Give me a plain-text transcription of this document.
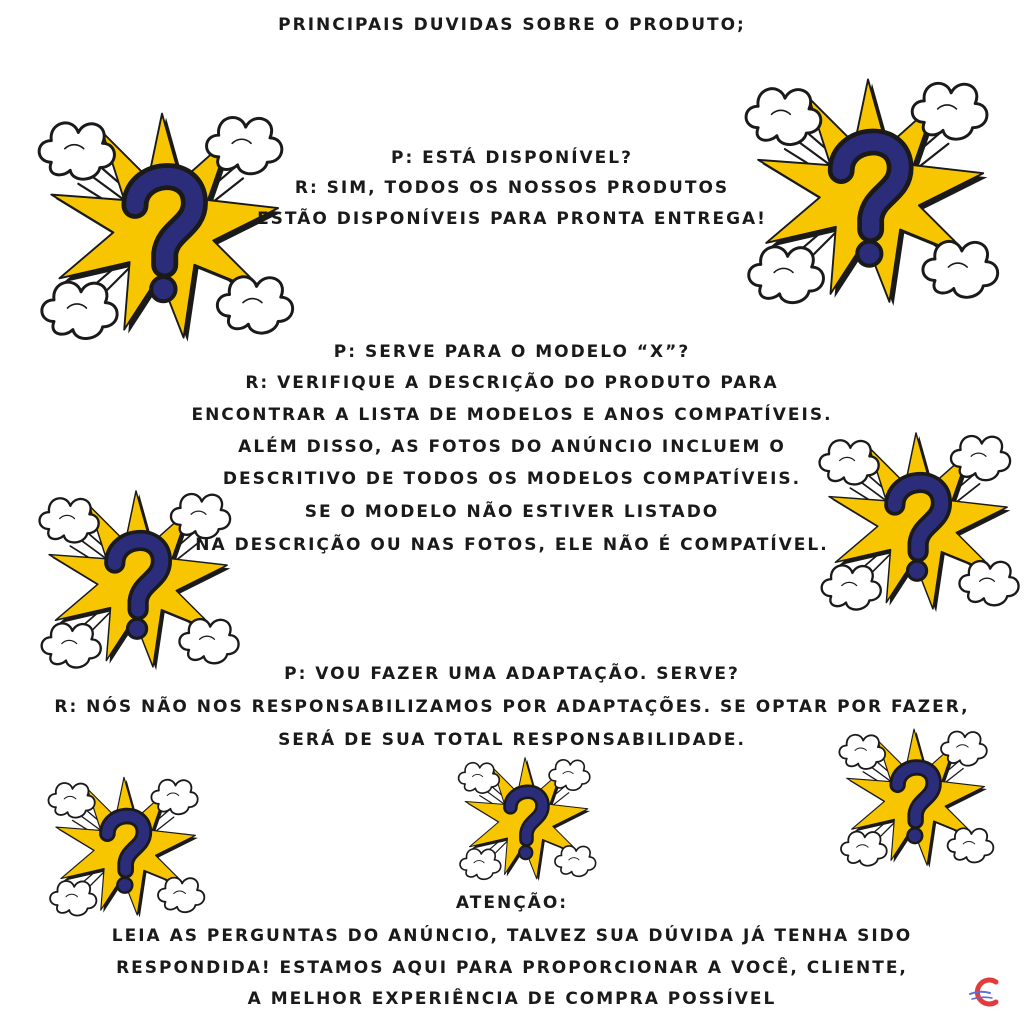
PRINCIPAIS DUVIDAS SOBRE O PRODUTO;
P: ESTÁ DISPONÍVEL?
R: SIM, TODOS OS NOSSOS PRODUTOS
ESTÃO DISPONÍVEIS PARA PRONTA ENTREGA!
P: SERVE PARA O MODELO “X”?
R: VERIFIQUE A DESCRIÇÃO DO PRODUTO PARA
ENCONTRAR A LISTA DE MODELOS E ANOS COMPATÍVEIS.
ALÉM DISSO, AS FOTOS DO ANÚNCIO INCLUEM O
DESCRITIVO DE TODOS OS MODELOS COMPATÍVEIS.
SE O MODELO NÃO ESTIVER LISTADO
NA DESCRIÇÃO OU NAS FOTOS, ELE NÃO É COMPATÍVEL.
P: VOU FAZER UMA ADAPTAÇÃO. SERVE?
R: NÓS NÃO NOS RESPONSABILIZAMOS POR ADAPTAÇÕES. SE OPTAR POR FAZER,
SERÁ DE SUA TOTAL RESPONSABILIDADE.
ATENÇÃO:
LEIA AS PERGUNTAS DO ANÚNCIO, TALVEZ SUA DÚVIDA JÁ TENHA SIDO
RESPONDIDA! ESTAMOS AQUI PARA PROPORCIONAR A VOCÊ, CLIENTE,
A MELHOR EXPERIÊNCIA DE COMPRA POSSÍVEL
